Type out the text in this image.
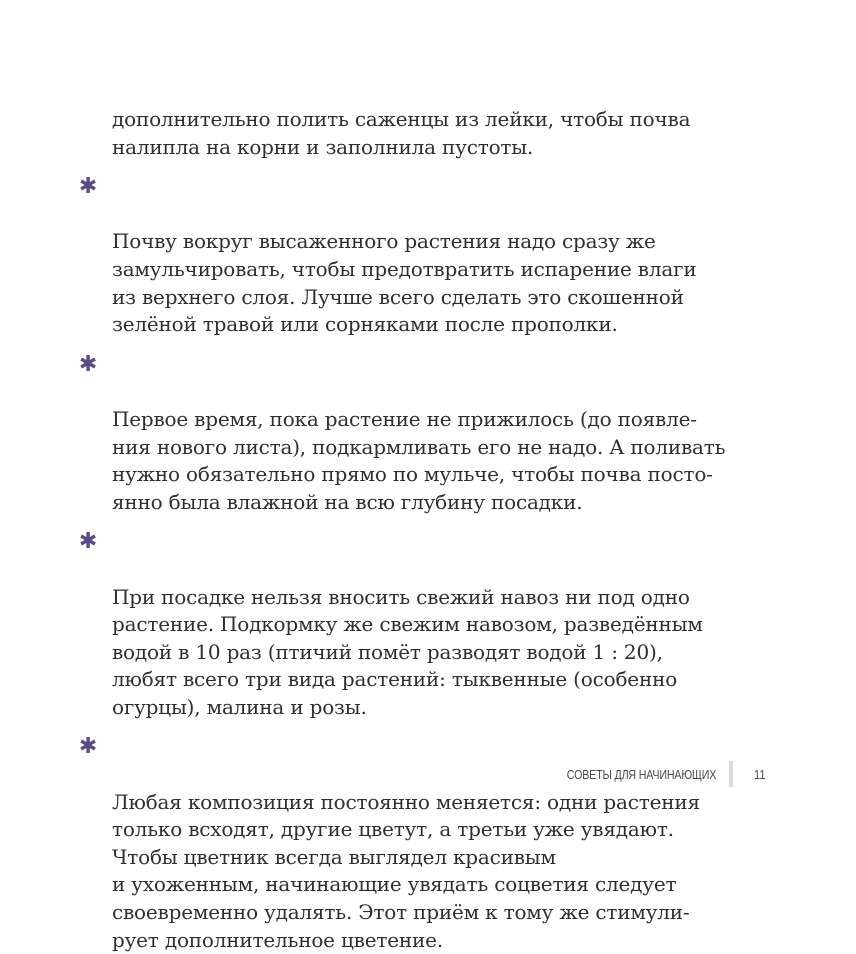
дополнительно полить саженцы из лейки, чтобы почва
налипла на корни и заполнила пустоты.

✱

Почву вокруг высаженного растения надо сразу же
замульчировать, чтобы предотвратить испарение влаги
из верхнего слоя. Лучше всего сделать это скошенной
зелёной травой или сорняками после прополки.

✱

Первое время, пока растение не прижилось (до появле-
ния нового листа), подкармливать его не надо. А поливать
нужно обязательно прямо по мульче, чтобы почва посто-
янно была влажной на всю глубину посадки.

✱

При посадке нельзя вносить свежий навоз ни под одно
растение. Подкормку же свежим навозом, разведённым
водой в 10 раз (птичий помёт разводят водой 1 : 20),
любят всего три вида растений: тыквенные (особенно
огурцы), малина и розы.

✱

Любая композиция постоянно меняется: одни растения
только всходят, другие цветут, а третьи уже увядают.
Чтобы цветник всегда выглядел красивым
и ухоженным, начинающие увядать соцветия следует
своевременно удалять. Этот приём к тому же стимули-
рует дополнительное цветение.

СОВЕТЫ ДЛЯ НАЧИНАЮЩИХ	11
